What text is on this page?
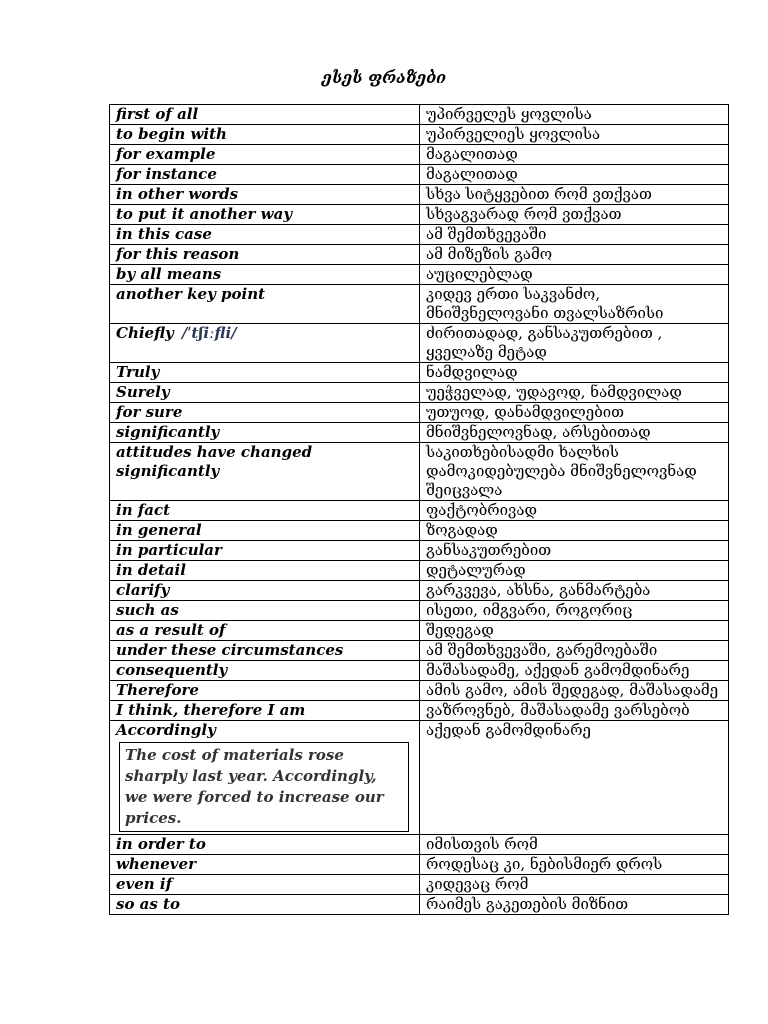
ესეს ფრაზები
first of all	უპირველეს ყოვლისა
to begin with	უპირველიეს ყოვლისა
for example	მაგალითად
for instance	მაგალითად
in other words	სხვა სიტყვებით რომ ვთქვათ
to put it another way	სხვაგვარად რომ ვთქვათ
in this case	ამ შემთხვევაში
for this reason	ამ მიზეზის გამო
by all means	აუცილებლად
another key point	კიდევ ერთი საკვანძო, მნიშვნელოვანი თვალსაზრისი
Chiefly /ˈtʃiːfli/	ძირითადად, განსაკუთრებით , ყველაზე მეტად
Truly	ნამდვილად
Surely	უეჭველად, უდავოდ, ნამდვილად
for sure	უთუოდ, დანამდვილებით
significantly	მნიშვნელოვნად, არსებითად
attitudes have changed significantly	საკითხებისადმი ხალხის დამოკიდებულება მნიშვნელოვნად შეიცვალა
in fact	ფაქტობრივად
in general	ზოგადად
in particular	განსაკუთრებით
in detail	დეტალურად
clarify	გარკვევა, ახსნა, განმარტება
such as	ისეთი, იმგვარი, როგორიც
as a result of	შედეგად
under these circumstances	ამ შემთხვევაში, გარემოებაში
consequently	მაშასადამე, აქედან გამომდინარე
Therefore	ამის გამო, ამის შედეგად, მაშასადამე
I think, therefore I am	ვაზროვნებ, მაშასადამე ვარსებობ
Accordingly
The cost of materials rose sharply last year. Accordingly, we were forced to increase our prices.	აქედან გამომდინარე
in order to	იმისთვის რომ
whenever	როდესაც კი, ნებისმიერ დროს
even if	კიდევაც რომ
so as to	რაიმეს გაკეთების მიზნით
